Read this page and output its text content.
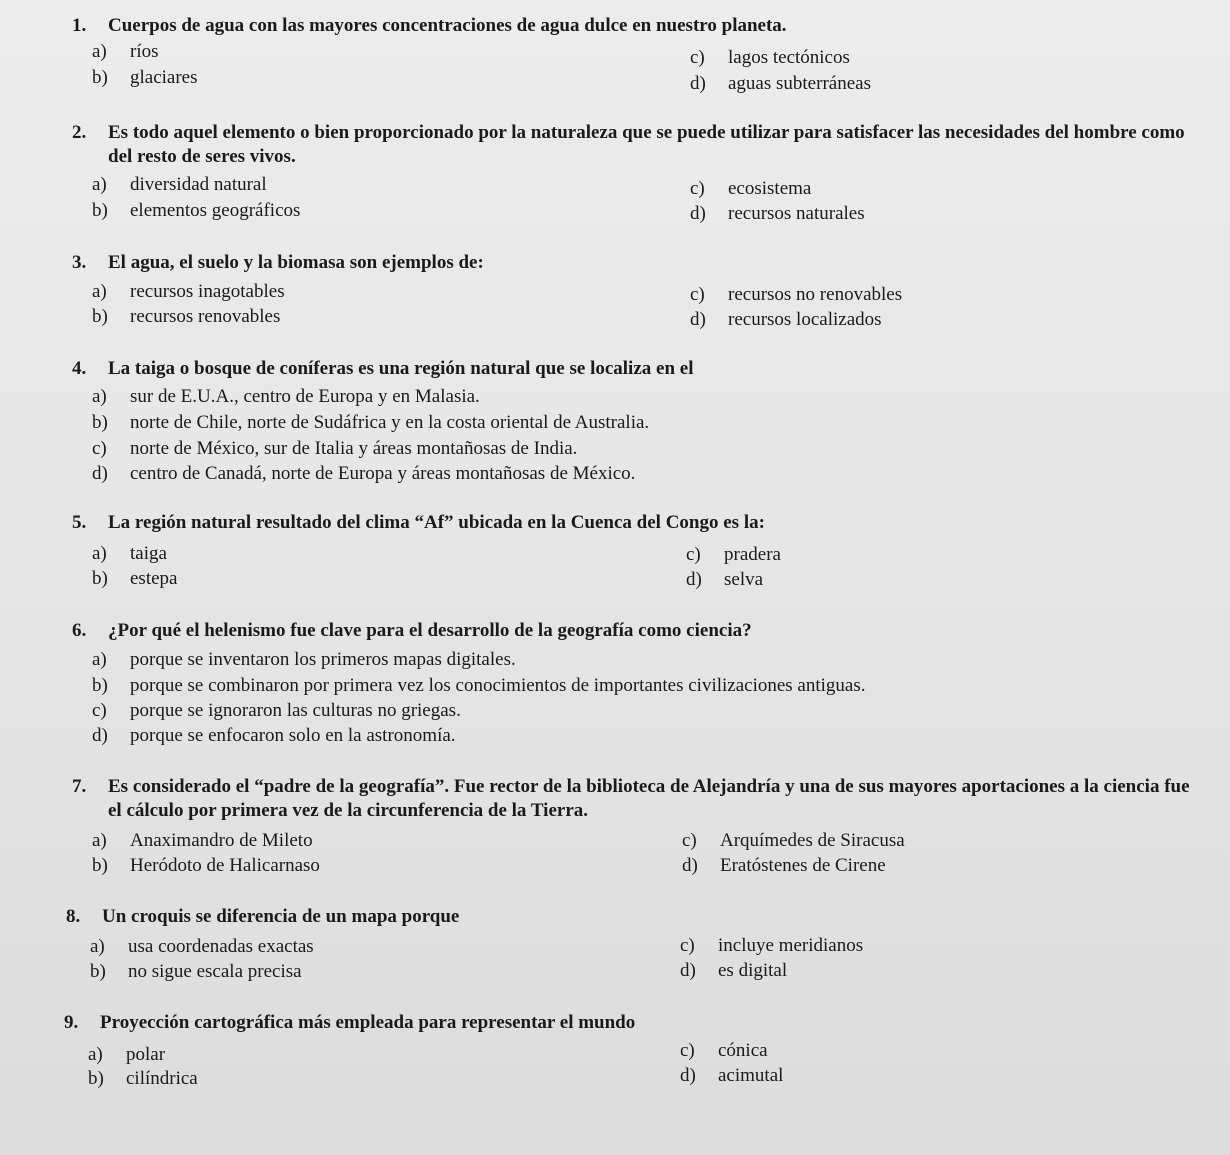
1. Cuerpos de agua con las mayores concentraciones de agua dulce en nuestro planeta.
a) ríos
b) glaciares
c) lagos tectónicos
d) aguas subterráneas
2. Es todo aquel elemento o bien proporcionado por la naturaleza que se puede utilizar para satisfacer las necesidades del hombre como del resto de seres vivos.
a) diversidad natural
b) elementos geográficos
c) ecosistema
d) recursos naturales
3. El agua, el suelo y la biomasa son ejemplos de:
a) recursos inagotables
b) recursos renovables
c) recursos no renovables
d) recursos localizados
4. La taiga o bosque de coníferas es una región natural que se localiza en el
a) sur de E.U.A., centro de Europa y en Malasia.
b) norte de Chile, norte de Sudáfrica y en la costa oriental de Australia.
c) norte de México, sur de Italia y áreas montañosas de India.
d) centro de Canadá, norte de Europa y áreas montañosas de México.
5. La región natural resultado del clima “Af” ubicada en la Cuenca del Congo es la:
a) taiga
b) estepa
c) pradera
d) selva
6. ¿Por qué el helenismo fue clave para el desarrollo de la geografía como ciencia?
a) porque se inventaron los primeros mapas digitales.
b) porque se combinaron por primera vez los conocimientos de importantes civilizaciones antiguas.
c) porque se ignoraron las culturas no griegas.
d) porque se enfocaron solo en la astronomía.
7. Es considerado el “padre de la geografía”. Fue rector de la biblioteca de Alejandría y una de sus mayores aportaciones a la ciencia fue el cálculo por primera vez de la circunferencia de la Tierra.
a) Anaximandro de Mileto
b) Heródoto de Halicarnaso
c) Arquímedes de Siracusa
d) Eratóstenes de Cirene
8. Un croquis se diferencia de un mapa porque
a) usa coordenadas exactas
b) no sigue escala precisa
c) incluye meridianos
d) es digital
9. Proyección cartográfica más empleada para representar el mundo
a) polar
b) cilíndrica
c) cónica
d) acimutal
